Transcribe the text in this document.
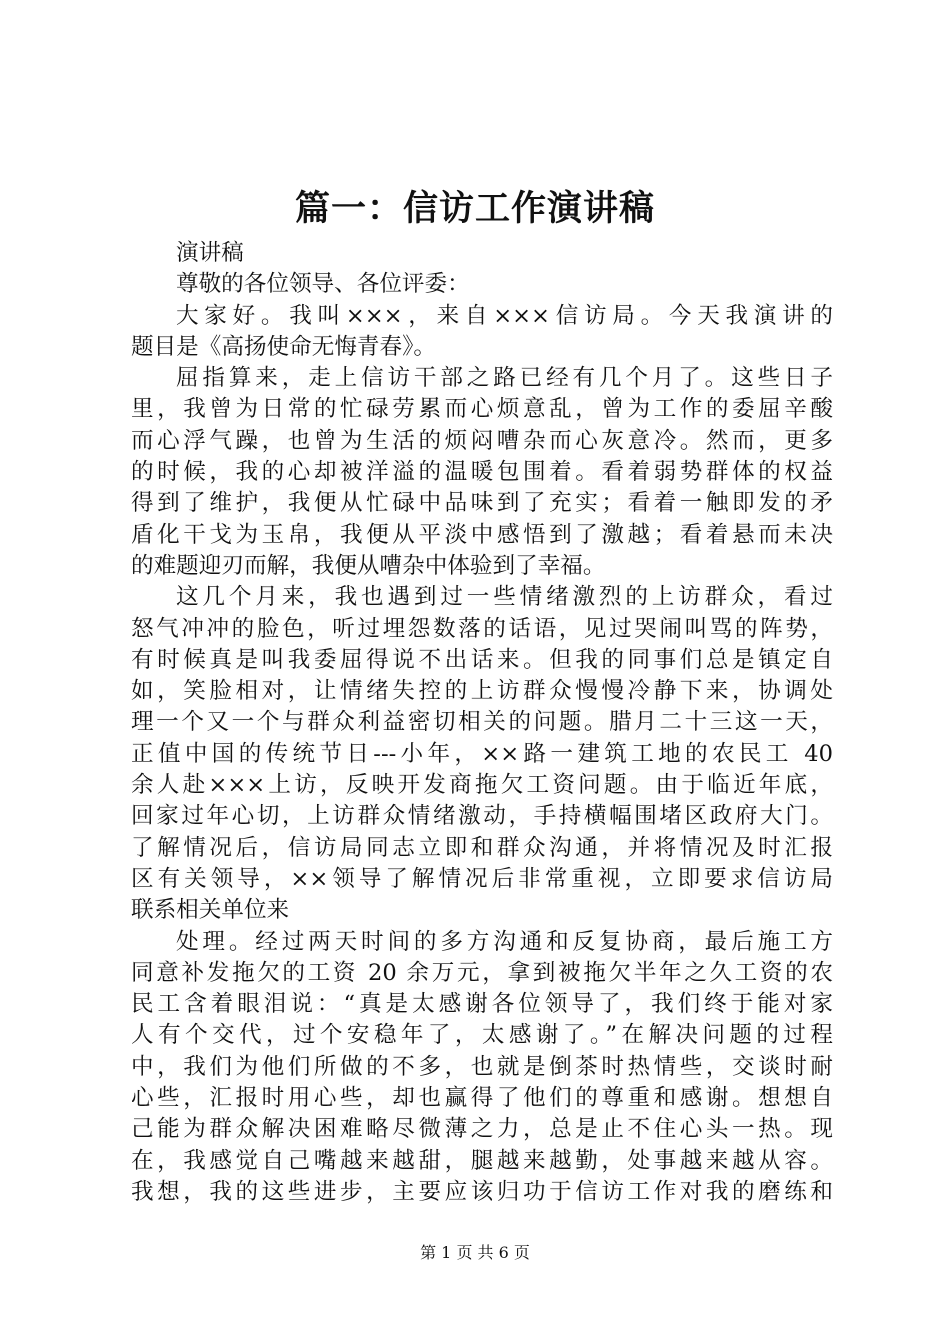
篇一：信访工作演讲稿
演讲稿
尊敬的各位领导、各位评委：
大家好。我叫×××，来自×××信访局。今天我演讲的
题目是《高扬使命无悔青春》。
屈指算来，走上信访干部之路已经有几个月了。这些日子
里，我曾为日常的忙碌劳累而心烦意乱，曾为工作的委屈辛酸
而心浮气躁，也曾为生活的烦闷嘈杂而心灰意冷。然而，更多
的时候，我的心却被洋溢的温暖包围着。看着弱势群体的权益
得到了维护，我便从忙碌中品味到了充实；看着一触即发的矛
盾化干戈为玉帛，我便从平淡中感悟到了激越；看着悬而未决
的难题迎刃而解，我便从嘈杂中体验到了幸福。
这几个月来，我也遇到过一些情绪激烈的上访群众，看过
怒气冲冲的脸色，听过埋怨数落的话语，见过哭闹叫骂的阵势，
有时候真是叫我委屈得说不出话来。但我的同事们总是镇定自
如，笑脸相对，让情绪失控的上访群众慢慢冷静下来，协调处
理一个又一个与群众利益密切相关的问题。腊月二十三这一天，
正值中国的传统节日---小年，××路一建筑工地的农民工 40
余人赴×××上访，反映开发商拖欠工资问题。由于临近年底，
回家过年心切，上访群众情绪激动，手持横幅围堵区政府大门。
了解情况后，信访局同志立即和群众沟通，并将情况及时汇报
区有关领导，××领导了解情况后非常重视，立即要求信访局
联系相关单位来
处理。经过两天时间的多方沟通和反复协商，最后施工方
同意补发拖欠的工资 20 余万元，拿到被拖欠半年之久工资的农
民工含着眼泪说：“真是太感谢各位领导了，我们终于能对家
人有个交代，过个安稳年了，太感谢了。”在解决问题的过程
中，我们为他们所做的不多，也就是倒茶时热情些，交谈时耐
心些，汇报时用心些，却也赢得了他们的尊重和感谢。想想自
己能为群众解决困难略尽微薄之力，总是止不住心头一热。现
在，我感觉自己嘴越来越甜，腿越来越勤，处事越来越从容。
我想，我的这些进步，主要应该归功于信访工作对我的磨练和
第 1 页 共 6 页
